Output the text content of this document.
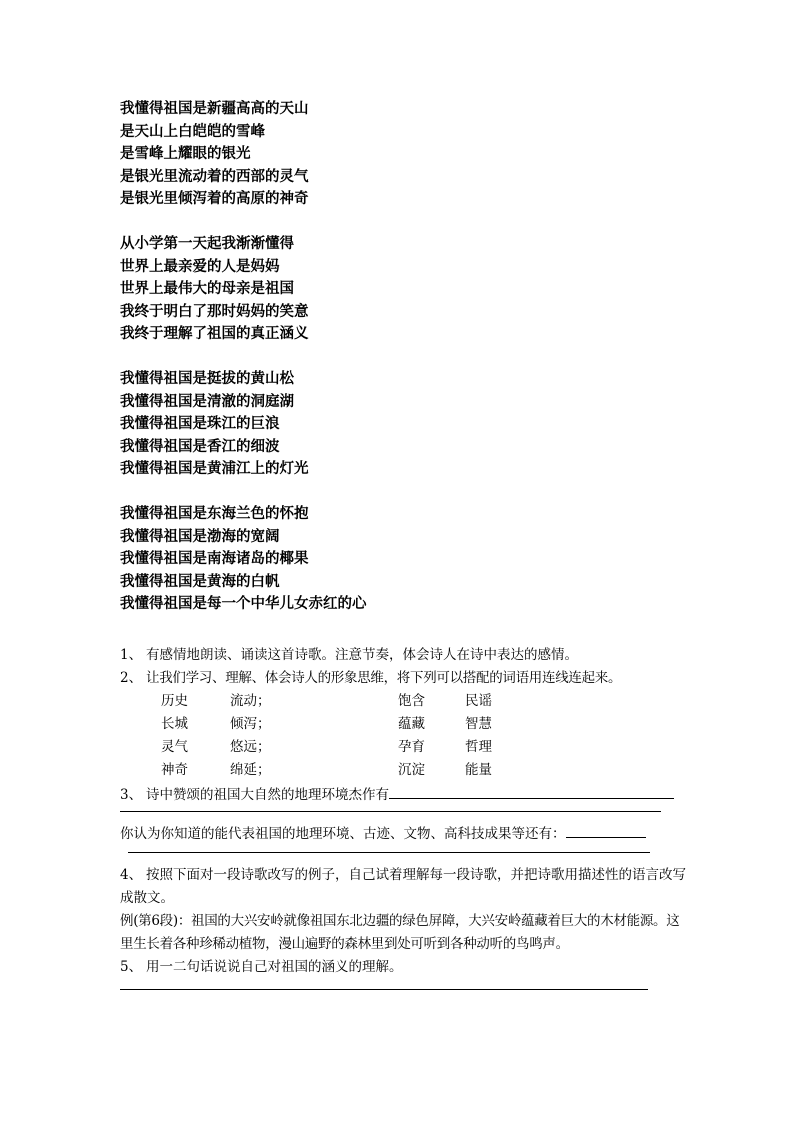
我懂得祖国是新疆高高的天山
是天山上白皑皑的雪峰
是雪峰上耀眼的银光
是银光里流动着的西部的灵气
是银光里倾泻着的高原的神奇
从小学第一天起我渐渐懂得
世界上最亲爱的人是妈妈
世界上最伟大的母亲是祖国
我终于明白了那时妈妈的笑意
我终于理解了祖国的真正涵义
我懂得祖国是挺拔的黄山松
我懂得祖国是清澈的洞庭湖
我懂得祖国是珠江的巨浪
我懂得祖国是香江的细波
我懂得祖国是黄浦江上的灯光
我懂得祖国是东海兰色的怀抱
我懂得祖国是渤海的宽阔
我懂得祖国是南海诸岛的椰果
我懂得祖国是黄海的白帆
我懂得祖国是每一个中华儿女赤红的心
1、 有感情地朗读、诵读这首诗歌。注意节奏，体会诗人在诗中表达的感情。
2、 让我们学习、理解、体会诗人的形象思维，将下列可以搭配的词语用连线连起来。
历史	流动；	饱含	民谣
长城	倾泻；	蕴藏	智慧
灵气	悠远；	孕育	哲理
神奇	绵延；	沉淀	能量
3、 诗中赞颂的祖国大自然的地理环境杰作有
你认为你知道的能代表祖国的地理环境、古迹、文物、高科技成果等还有：
4、 按照下面对一段诗歌改写的例子，自己试着理解每一段诗歌，并把诗歌用描述性的语言改写成散文。
例(第6段)：祖国的大兴安岭就像祖国东北边疆的绿色屏障，大兴安岭蕴藏着巨大的木材能源。这里生长着各种珍稀动植物，漫山遍野的森林里到处可听到各种动听的鸟鸣声。
5、 用一二句话说说自己对祖国的涵义的理解。
